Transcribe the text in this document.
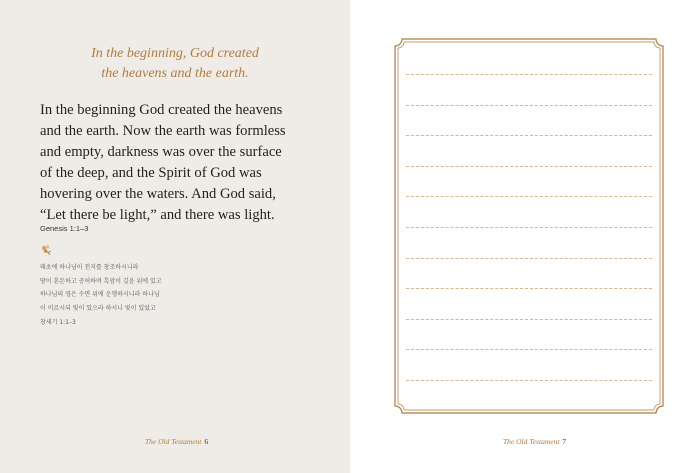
In the beginning, God created
the heavens and the earth.
In the beginning God created the heavens
and the earth. Now the earth was formless
and empty, darkness was over the surface
of the deep, and the Spirit of God was
hovering over the waters. And God said,
“Let there be light,” and there was light.
Genesis 1:1–3
태초에 하나님이 천지를 창조하시니라
땅이 혼돈하고 공허하며 흑암이 깊음 위에 있고
하나님의 영은 수면 위에 운행하시니라 하나님
이 이르시되 빛이 있으라 하시니 빛이 있었고
창세기 1:1–3
The Old Testament 6	The Old Testament 7
